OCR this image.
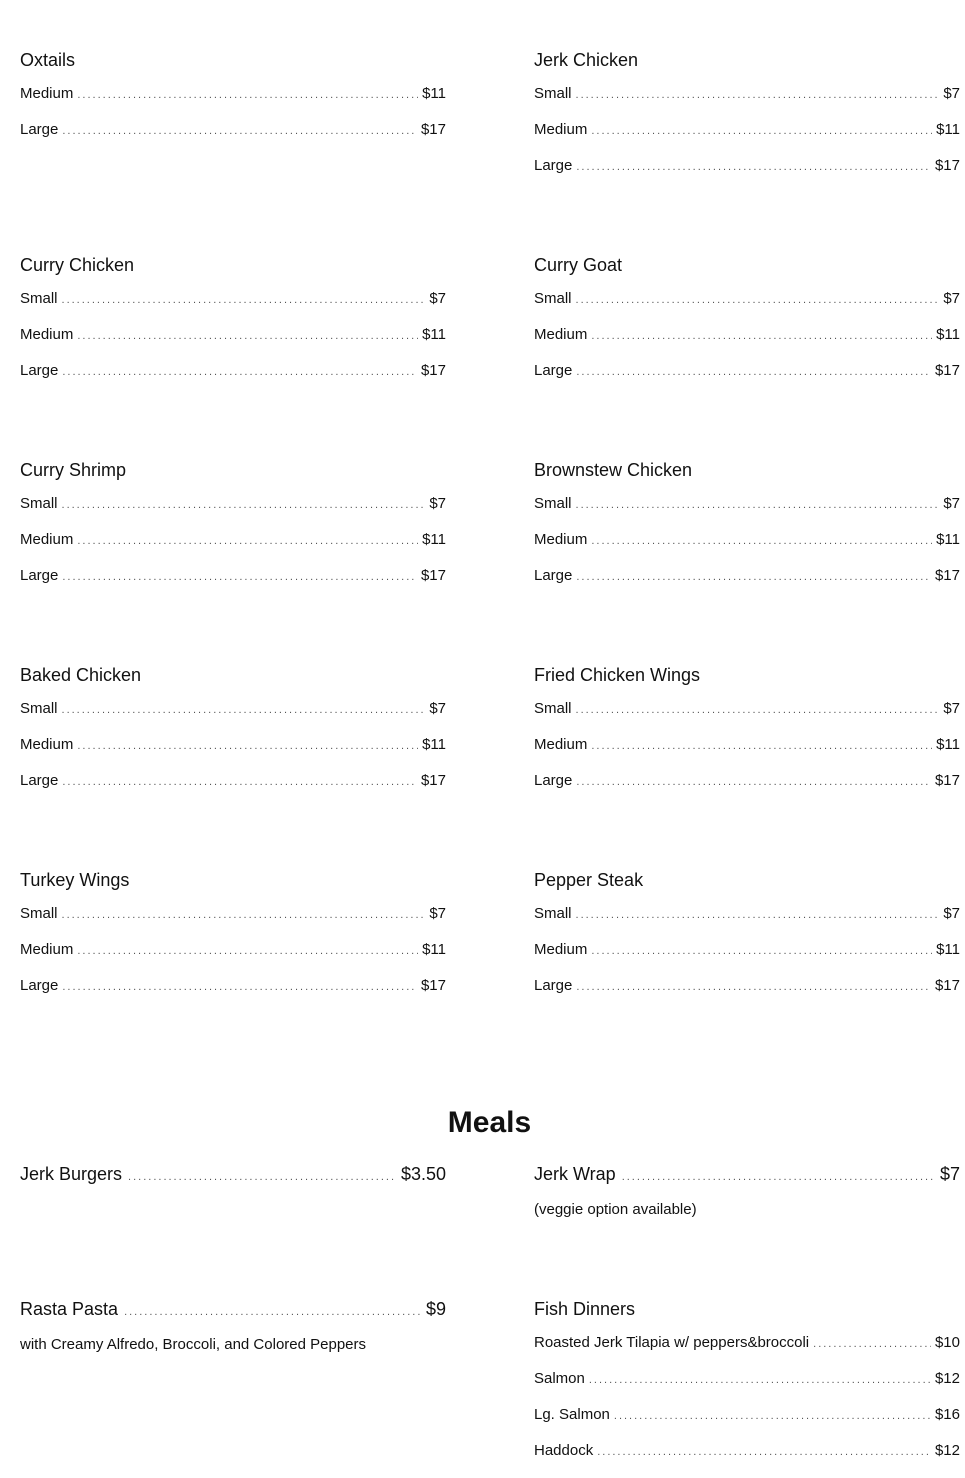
Oxtails
Medium .....	$11
Large .....	$17
Jerk Chicken
Small .....	$7
Medium .....	$11
Large .....	$17
Curry Chicken
Small .....	$7
Medium .....	$11
Large .....	$17
Curry Goat
Small .....	$7
Medium .....	$11
Large .....	$17
Curry Shrimp
Small .....	$7
Medium .....	$11
Large .....	$17
Brownstew Chicken
Small .....	$7
Medium .....	$11
Large .....	$17
Baked Chicken
Small .....	$7
Medium .....	$11
Large .....	$17
Fried Chicken Wings
Small .....	$7
Medium .....	$11
Large .....	$17
Turkey Wings
Small .....	$7
Medium .....	$11
Large .....	$17
Pepper Steak
Small .....	$7
Medium .....	$11
Large .....	$17
Meals
Jerk Burgers .....	$3.50	Jerk Wrap .....	$7
(veggie option available)
Rasta Pasta .....	$9
with Creamy Alfredo, Broccoli, and Colored Peppers
Fish Dinners
Roasted Jerk Tilapia w/ peppers&broccoli .....	$10
Salmon .....	$12
Lg. Salmon .....	$16
Haddock .....	$12
